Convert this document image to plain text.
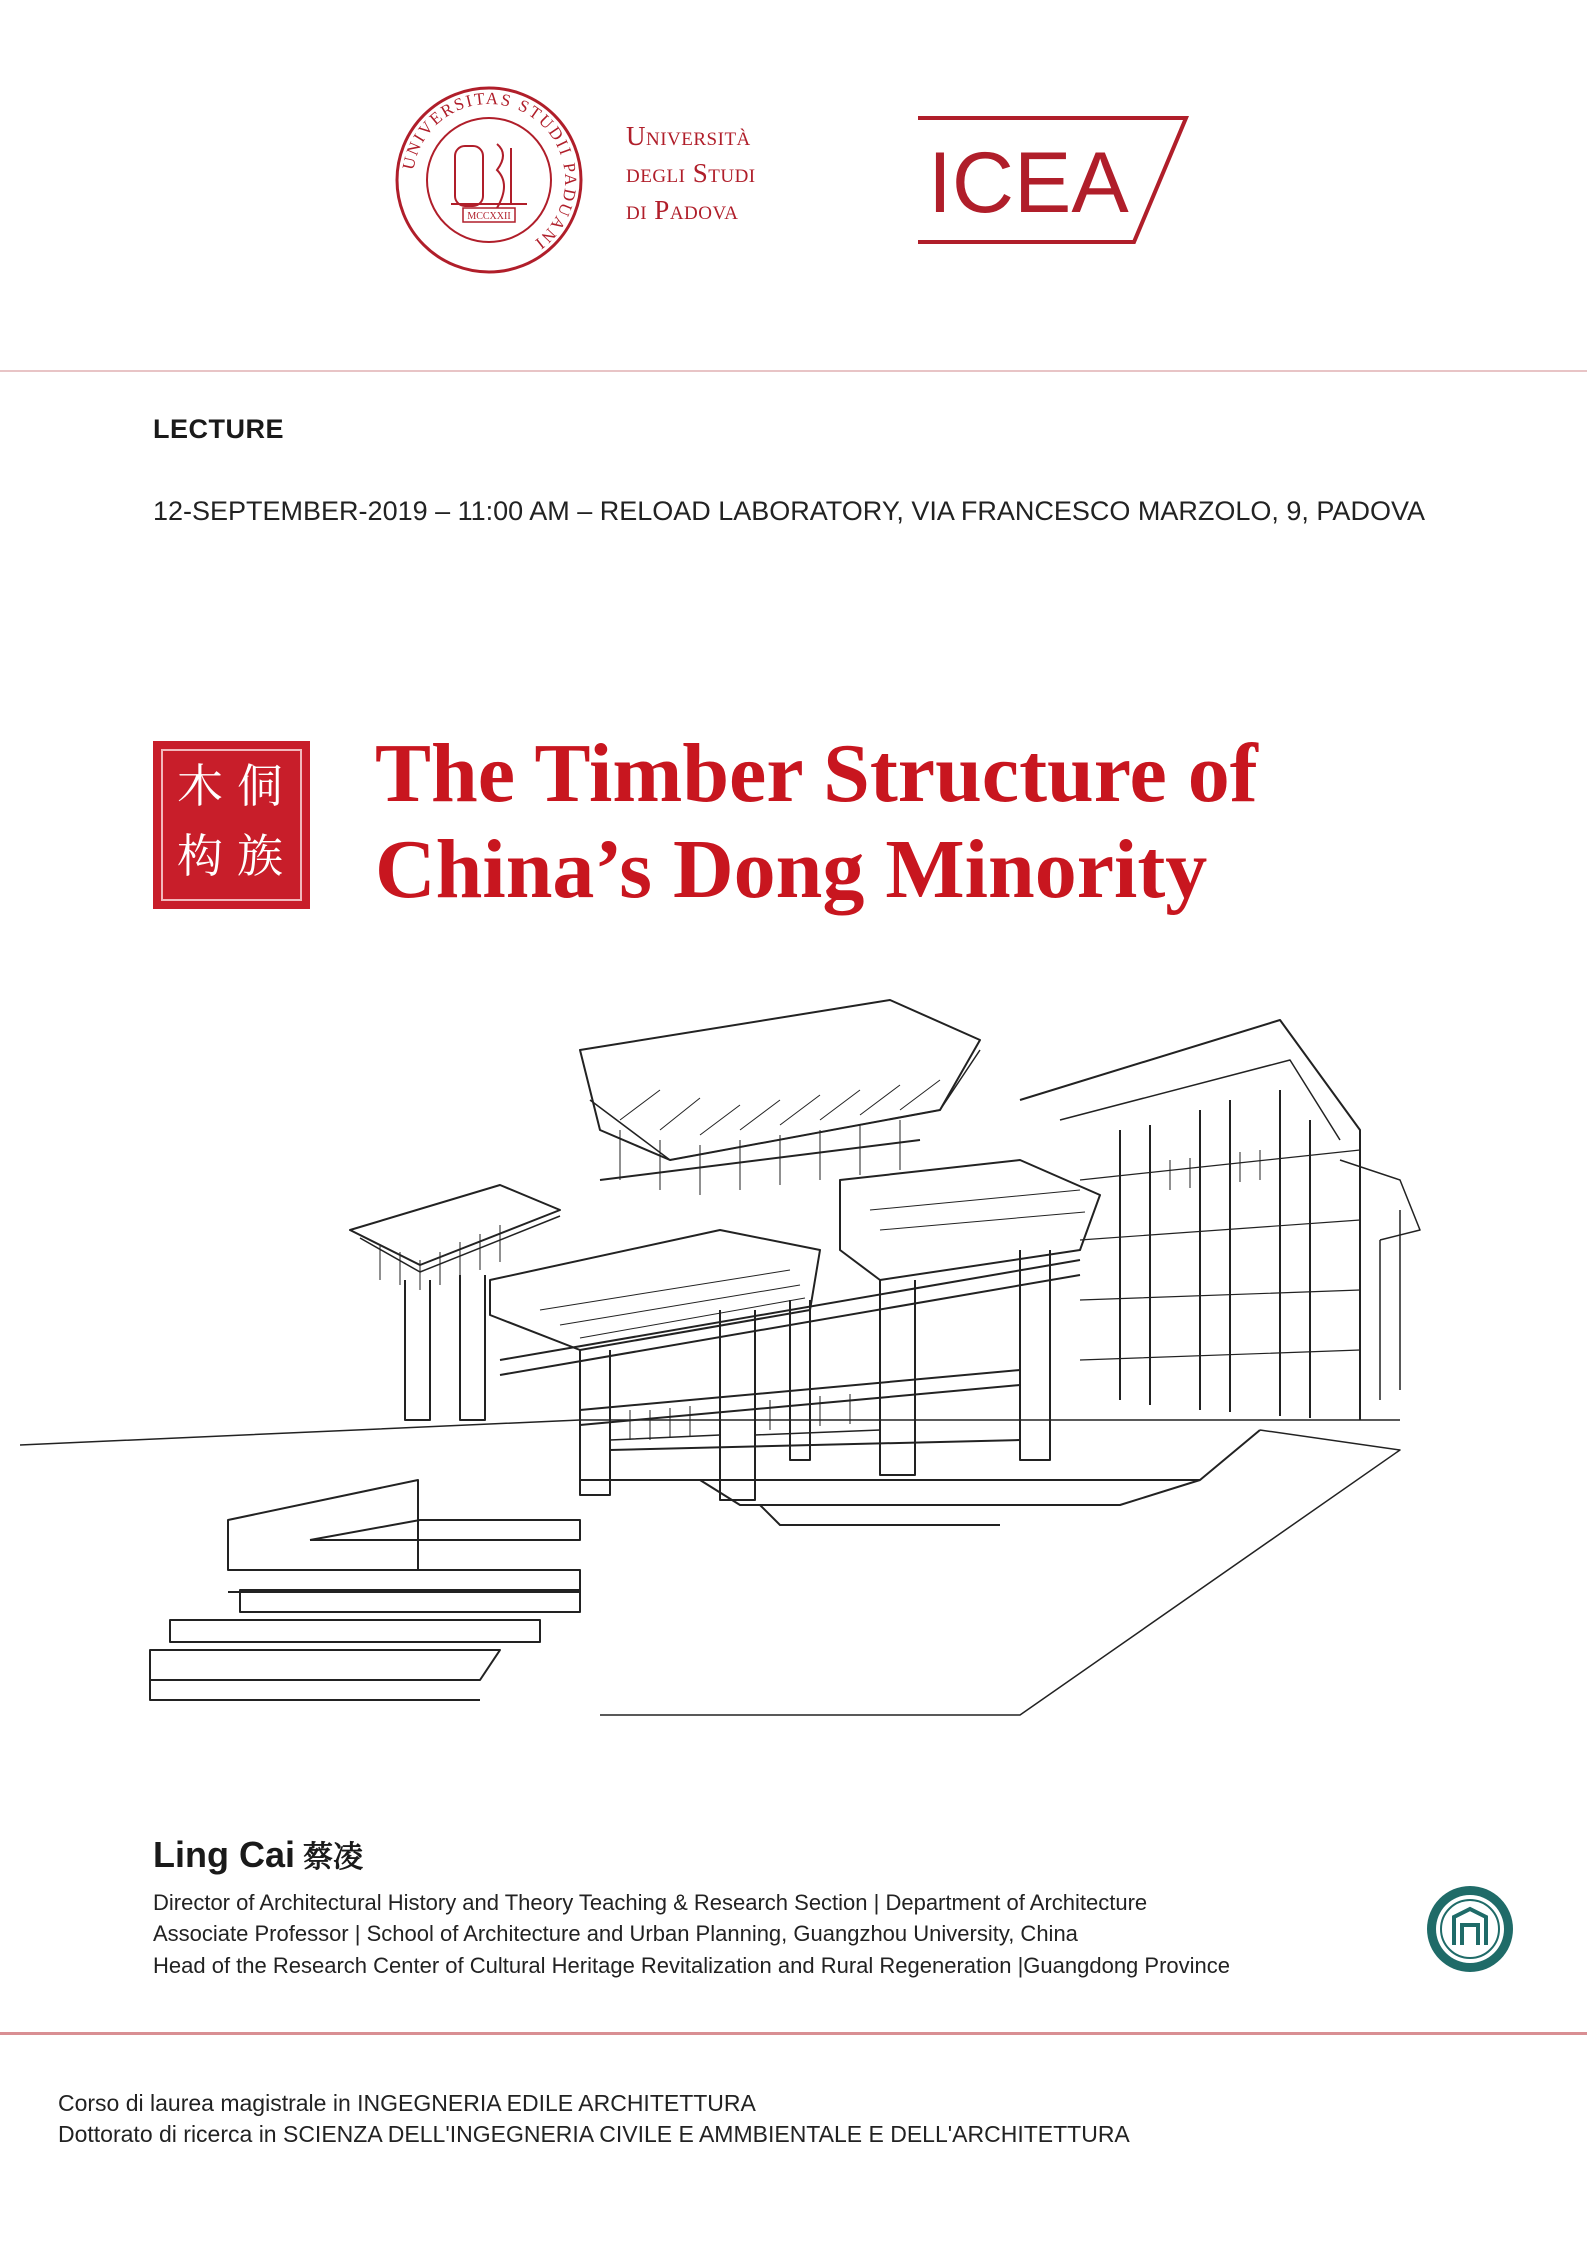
UNIVERSITAS STUDII PADUANI
MCCXXII
Università
degli Studi
di Padova ICEA
LECTURE
12-SEPTEMBER-2019 – 11:00 AM – RELOAD LABORATORY, VIA FRANCESCO MARZOLO, 9, PADOVA
侗
族
木
构
The Timber Structure of
China’s Dong Minority
Ling Cai 蔡凌
Director of Architectural History and Theory Teaching & Research Section | Department of Architecture
Associate Professor | School of Architecture and Urban Planning, Guangzhou University, China
Head of the Research Center of Cultural Heritage Revitalization and Rural Regeneration |Guangdong Province
Corso di laurea magistrale in INGEGNERIA EDILE ARCHITETTURA
Dottorato di ricerca in SCIENZA DELL'INGEGNERIA CIVILE E AMMBIENTALE E DELL'ARCHITETTURA
